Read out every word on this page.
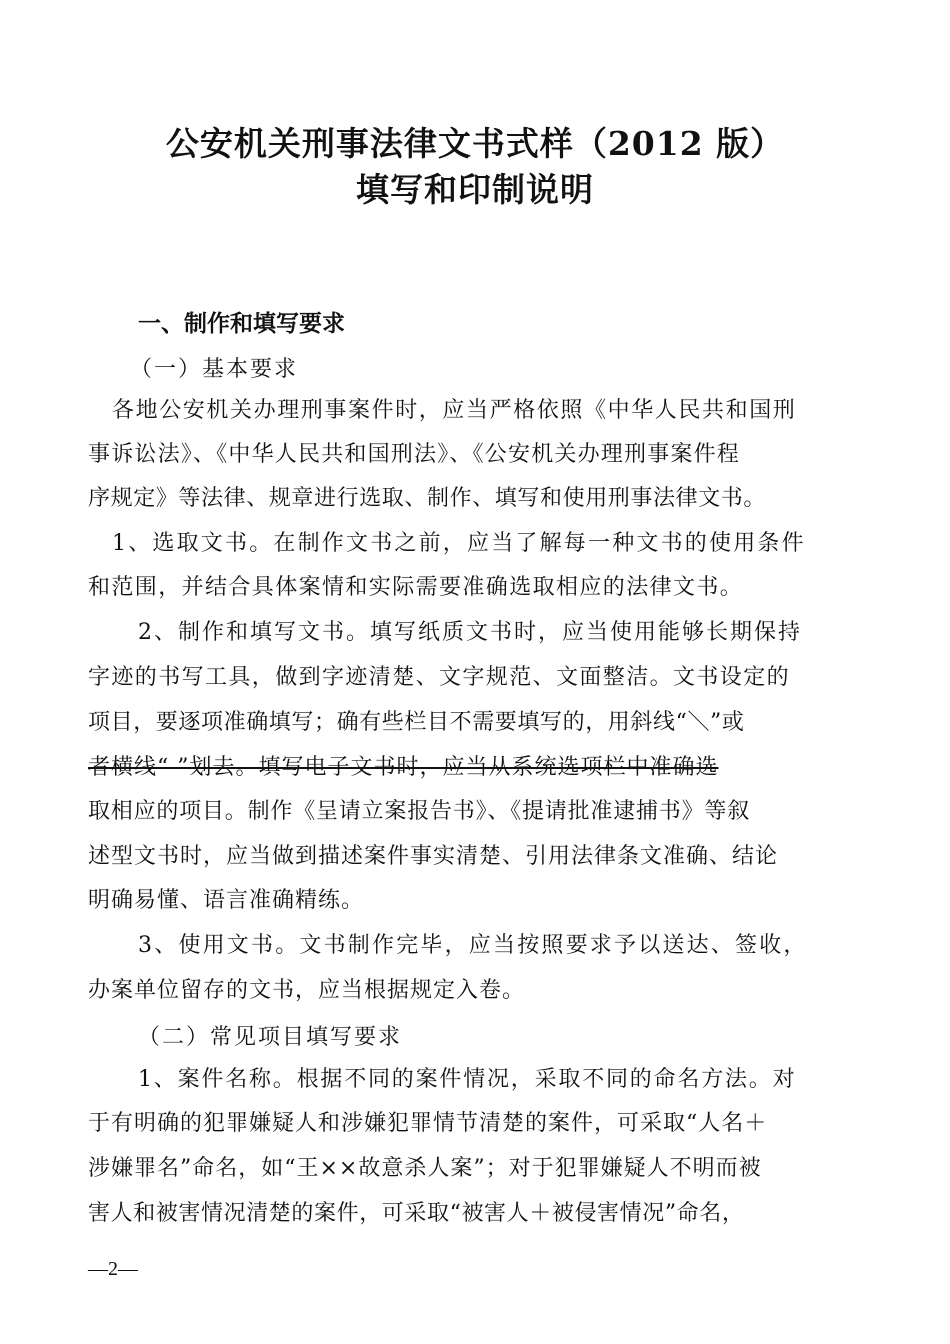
公安机关刑事法律文书式样（2012 版）
填写和印制说明
一、制作和填写要求
（一）基本要求
各地公安机关办理刑事案件时，应当严格依照《中华人民共和国刑
事诉讼法》、《中华人民共和国刑法》、《公安机关办理刑事案件程
序规定》等法律、规章进行选取、制作、填写和使用刑事法律文书。
1、选取文书。在制作文书之前，应当了解每一种文书的使用条件
和范围，并结合具体案情和实际需要准确选取相应的法律文书。
2、制作和填写文书。填写纸质文书时，应当使用能够长期保持
字迹的书写工具，做到字迹清楚、文字规范、文面整洁。文书设定的
项目，要逐项准确填写；确有些栏目不需要填写的，用斜线“＼”或
者横线“ ”划去。填写电子文书时，应当从系统选项栏中准确选
取相应的项目。制作《呈请立案报告书》、《提请批准逮捕书》等叙
述型文书时，应当做到描述案件事实清楚、引用法律条文准确、结论
明确易懂、语言准确精练。
3、使用文书。文书制作完毕，应当按照要求予以送达、签收，
办案单位留存的文书，应当根据规定入卷。
（二）常见项目填写要求
1、案件名称。根据不同的案件情况，采取不同的命名方法。对
于有明确的犯罪嫌疑人和涉嫌犯罪情节清楚的案件，可采取“人名＋
涉嫌罪名”命名，如“王××故意杀人案”；对于犯罪嫌疑人不明而被
害人和被害情况清楚的案件，可采取“被害人＋被侵害情况”命名，
—2—
